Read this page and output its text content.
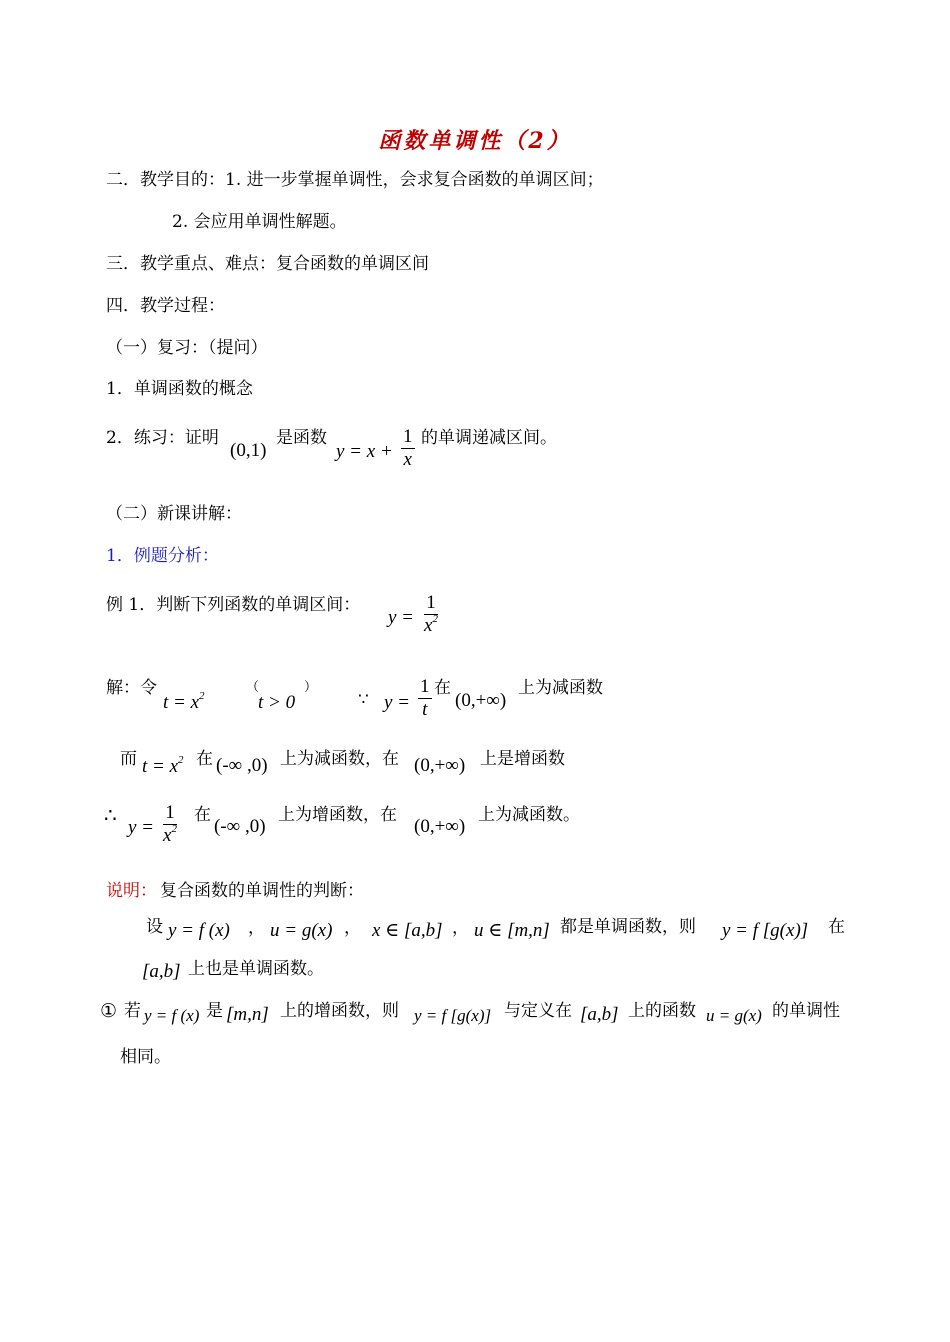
函数单调性（2）
二．教学目的：1. 进一步掌握单调性，会求复合函数的单调区间；
2. 会应用单调性解题。
三．教学重点、难点：复合函数的单调区间
四．教学过程：
（一）复习：（提问）
1．单调函数的概念
2．练习：证明
(0,1)
是函数
$y = x + \frac{1}{x}$ 的单调递减区间。
（二）新课讲解：
1．例题分析：
例 1．判断下列函数的单调区间：
$y = \frac{1}{x^2}$
解：令
$t = x^2$
（
t > 0
）
∵ $y = \frac{1}{t}$ 在
(0,+∞)
上为减函数
而 $t = x^2$ 在 (-∞ ,0) 上为减函数，在 (0,+∞) 上是增函数
∴
$y = \frac{1}{x^2}$ 在
(-∞ ,0)
上为增函数，在
(0,+∞)
上为减函数。
说明： 复合函数的单调性的判断：
设 y = f (x) ， u = g(x) ， x ∈ [a,b] ， u ∈ [m,n] 都是单调函数，则 y = f [g(x)] 在
[a,b] 上也是单调函数。
① 若 y = f (x) 是 [m,n] 上的增函数，则 y = f [g(x)] 与定义在 [a,b] 上的函数 u = g(x) 的单调性
相同。
